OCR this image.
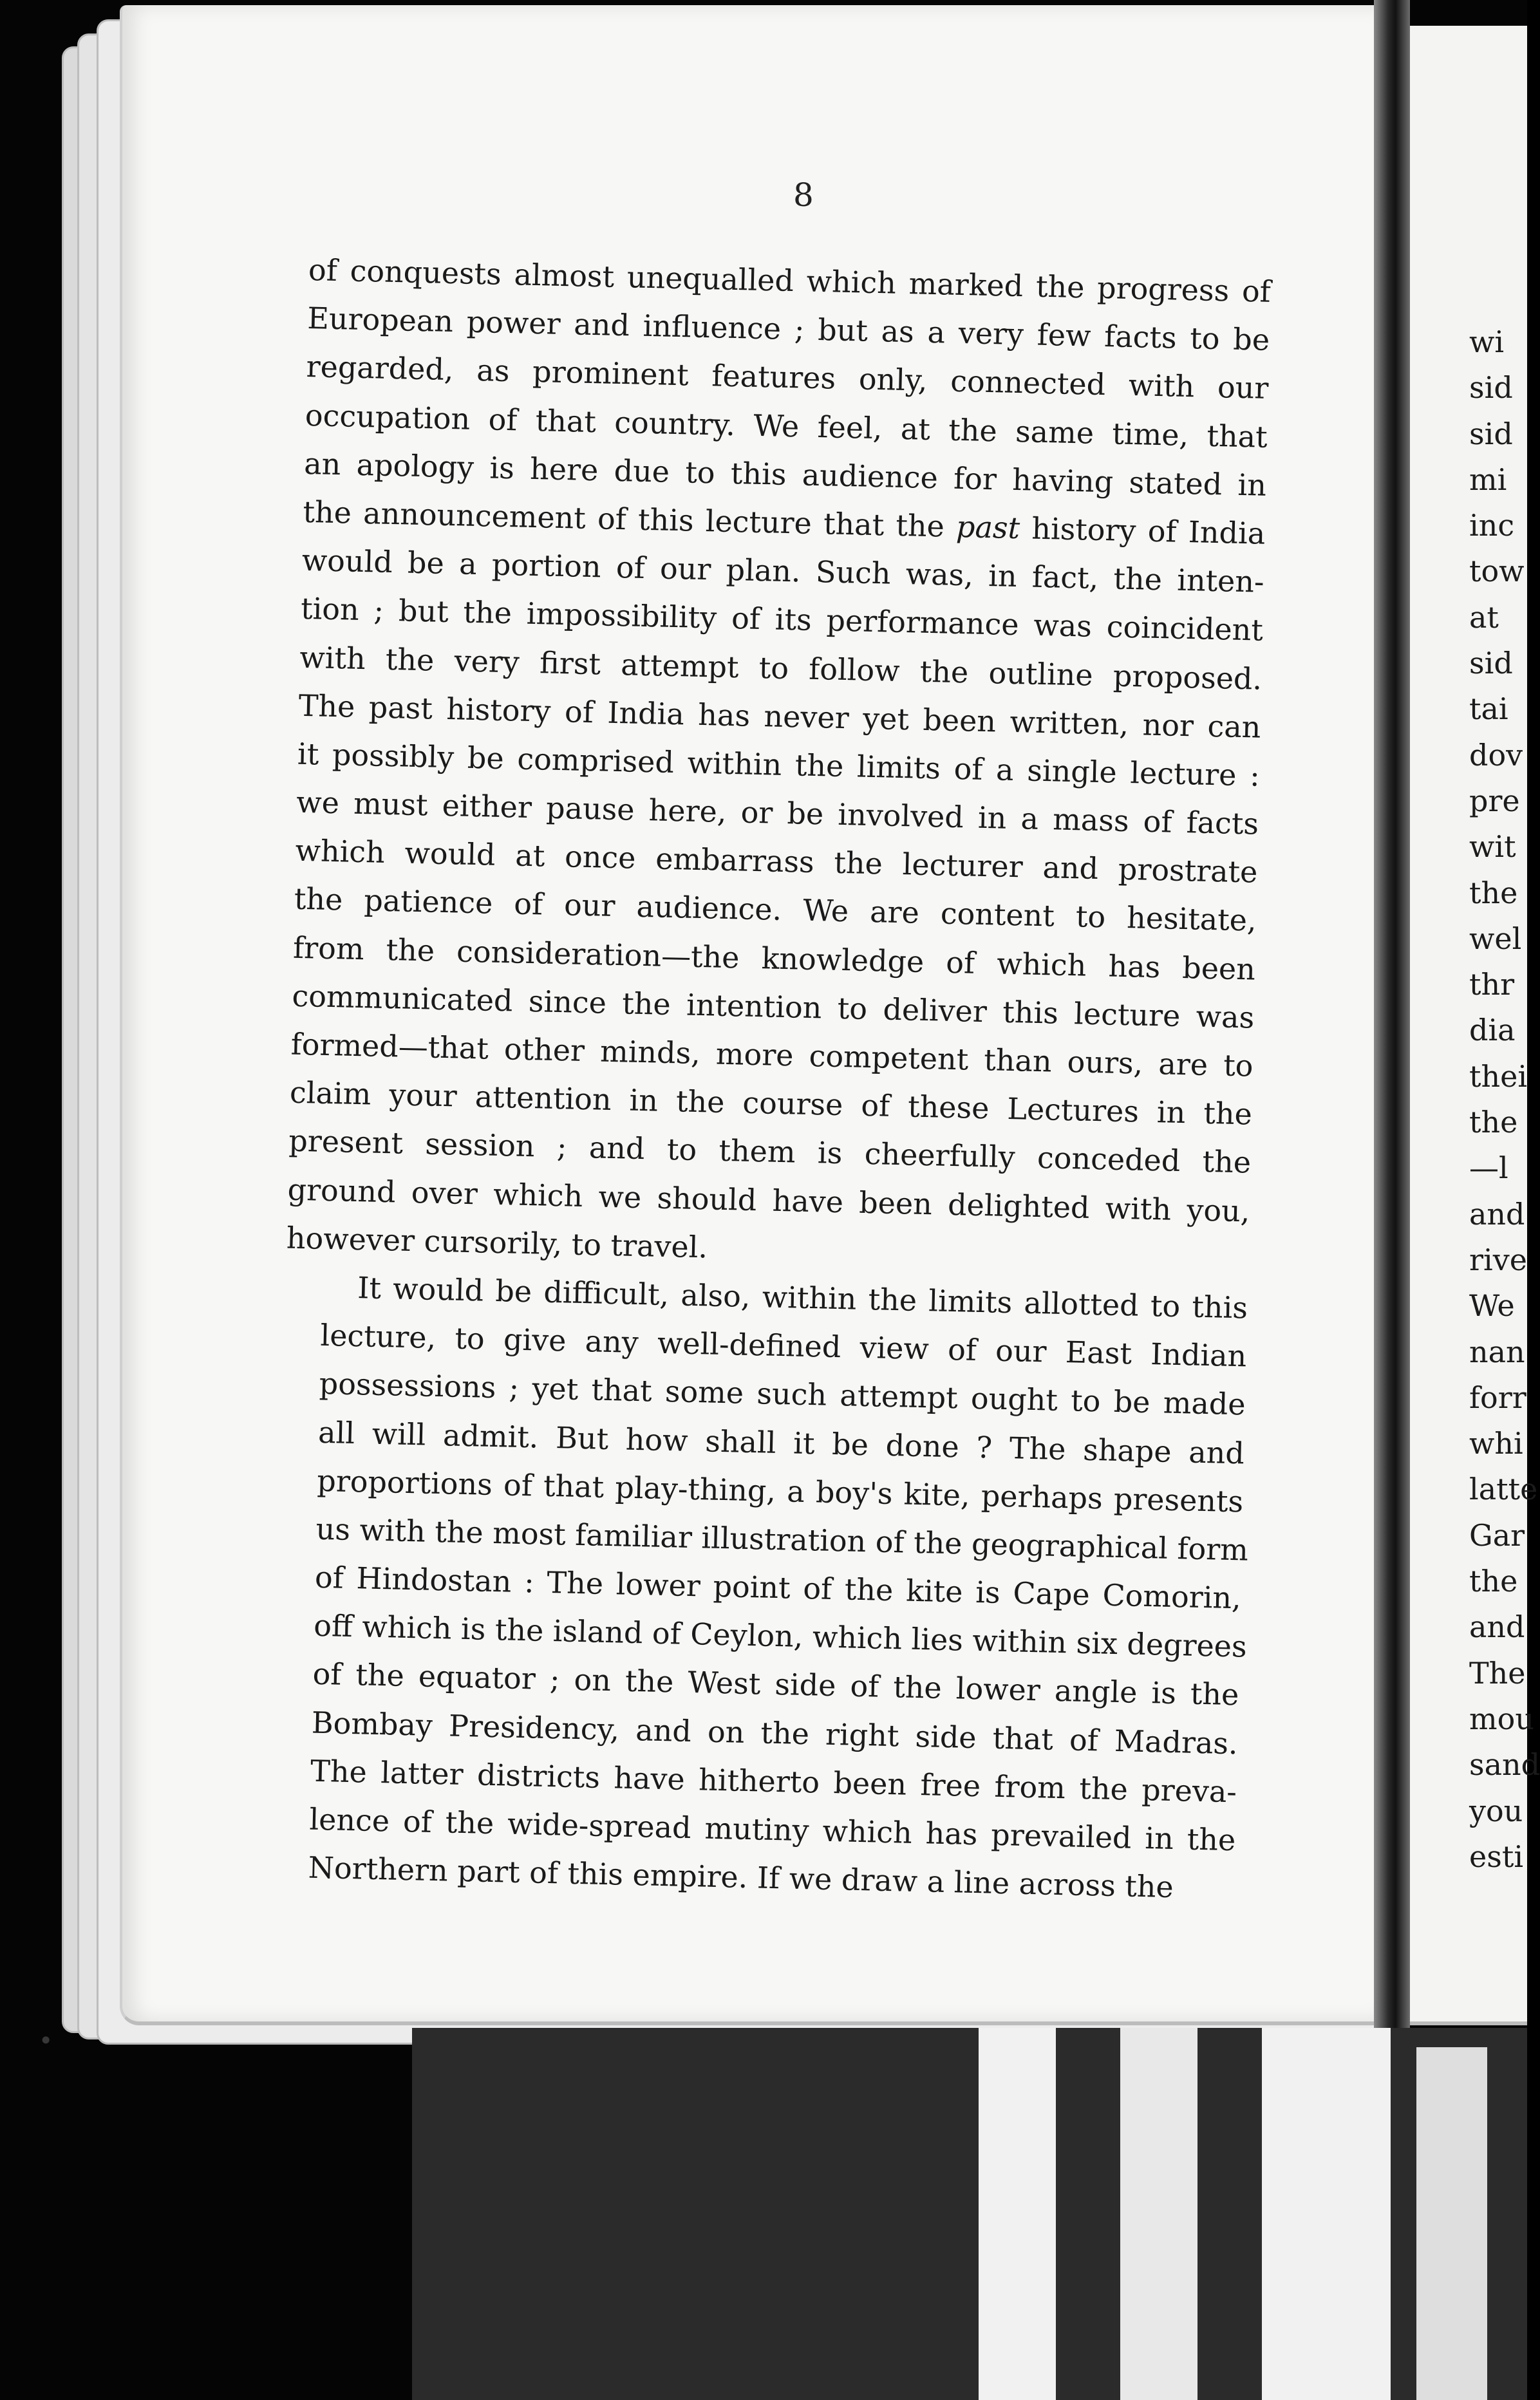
wi
sid
sid
mi
inc
tow
at
sid
tai
dov
pre
wit
the
wel
thr
dia
thei
the
—l
and
rive
We
nan
forr
whi
latte
Gar
the
and
The
mou
sand
you
esti
8
of conquests almost unequalled which marked the progress of
European power and influence ; but as a very few facts to be
regarded, as prominent features only, connected with our
occupation of that country. We feel, at the same time, that
an apology is here due to this audience for having stated in
the announcement of this lecture that the past history of India
would be a portion of our plan. Such was, in fact, the inten-
tion ; but the impossibility of its performance was coincident
with the very first attempt to follow the outline proposed.
The past history of India has never yet been written, nor can
it possibly be comprised within the limits of a single lecture :
we must either pause here, or be involved in a mass of facts
which would at once embarrass the lecturer and prostrate
the patience of our audience. We are content to hesitate,
from the consideration—the knowledge of which has been
communicated since the intention to deliver this lecture was
formed—that other minds, more competent than ours, are to
claim your attention in the course of these Lectures in the
present session ; and to them is cheerfully conceded the
ground over which we should have been delighted with you,
however cursorily, to travel.
It would be difficult, also, within the limits allotted to this
lecture, to give any well-defined view of our East Indian
possessions ; yet that some such attempt ought to be made
all will admit. But how shall it be done ? The shape and
proportions of that play-thing, a boy's kite, perhaps presents
us with the most familiar illustration of the geographical form
of Hindostan : The lower point of the kite is Cape Comorin,
off which is the island of Ceylon, which lies within six degrees
of the equator ; on the West side of the lower angle is the
Bombay Presidency, and on the right side that of Madras.
The latter districts have hitherto been free from the preva-
lence of the wide-spread mutiny which has prevailed in the
Northern part of this empire. If we draw a line across the
